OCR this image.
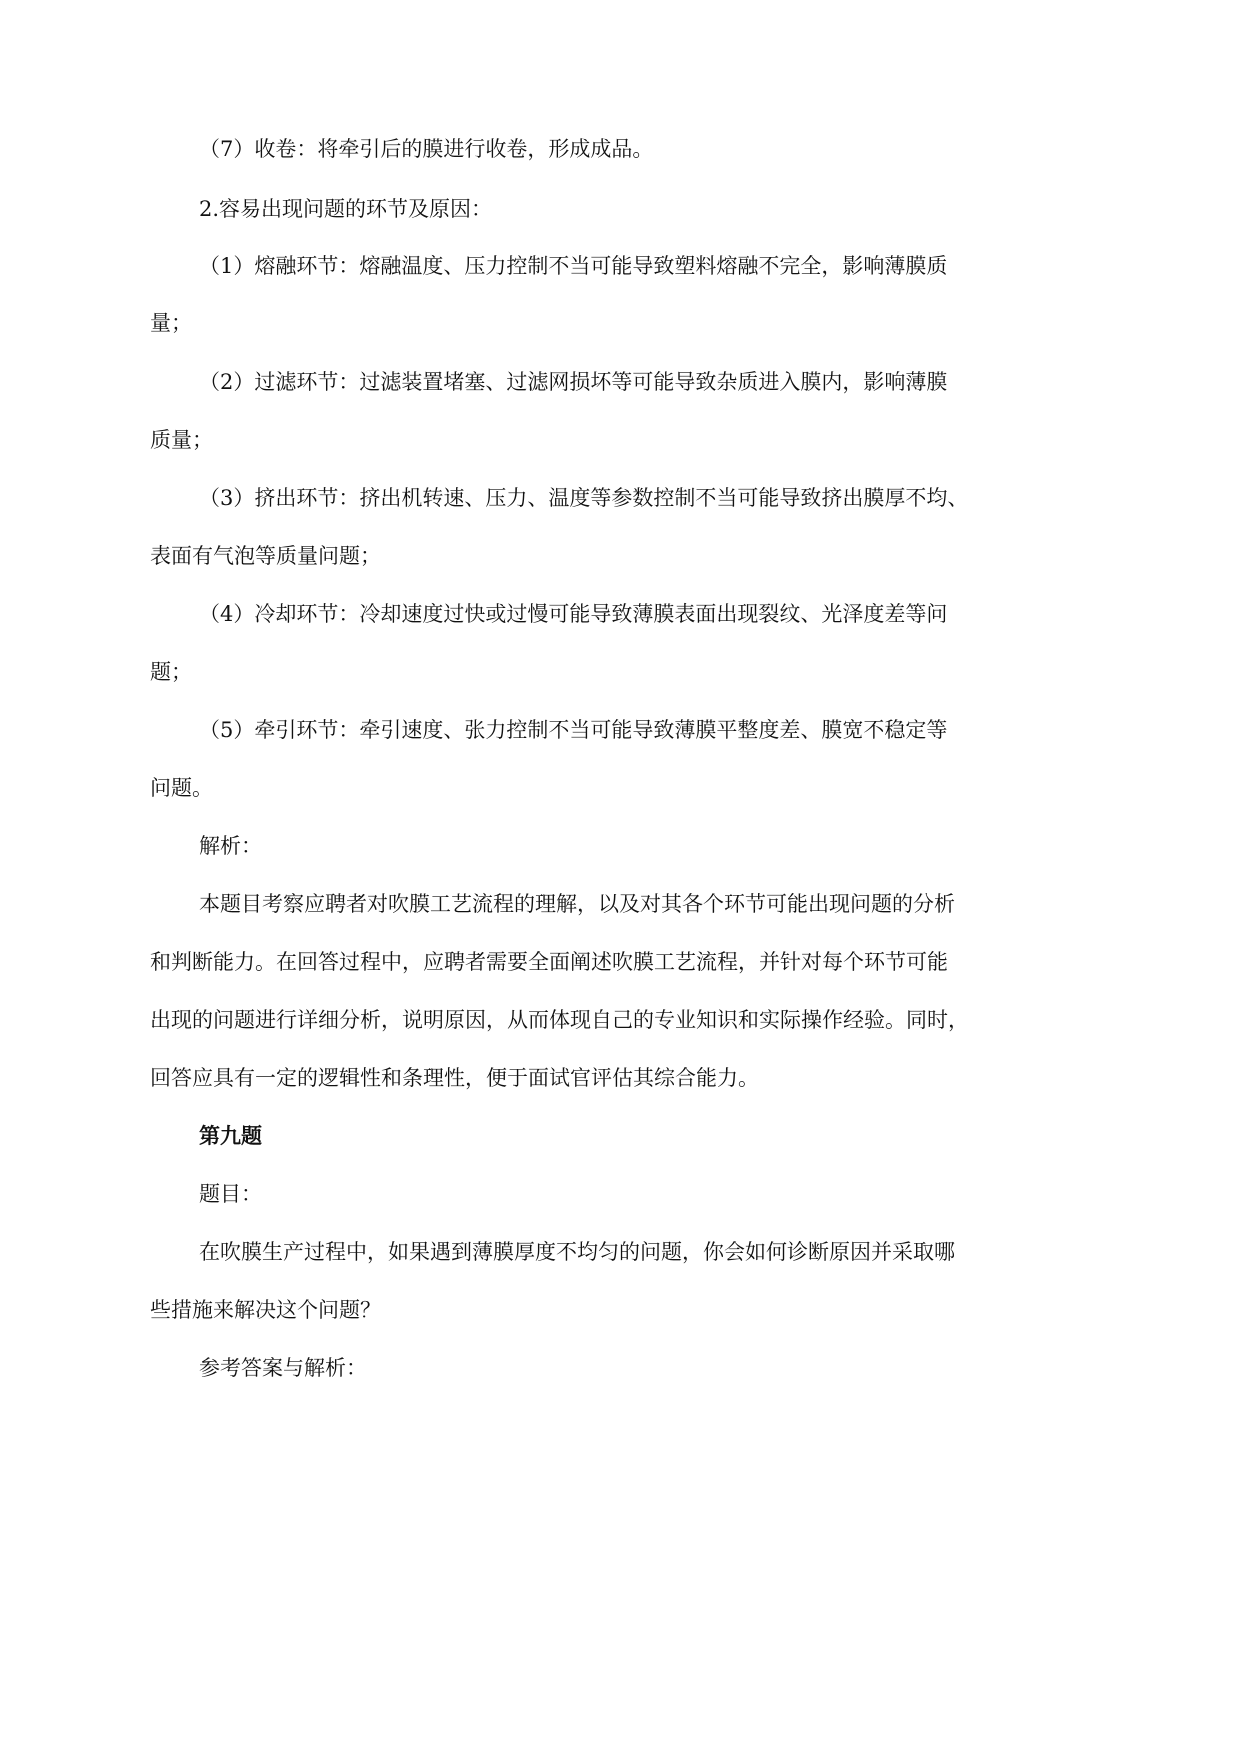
（7）收卷：将牵引后的膜进行收卷，形成成品。

2.容易出现问题的环节及原因：

（1）熔融环节：熔融温度、压力控制不当可能导致塑料熔融不完全，影响薄膜质

量；

（2）过滤环节：过滤装置堵塞、过滤网损坏等可能导致杂质进入膜内，影响薄膜

质量；

（3）挤出环节：挤出机转速、压力、温度等参数控制不当可能导致挤出膜厚不均、

表面有气泡等质量问题；

（4）冷却环节：冷却速度过快或过慢可能导致薄膜表面出现裂纹、光泽度差等问

题；

（5）牵引环节：牵引速度、张力控制不当可能导致薄膜平整度差、膜宽不稳定等

问题。

解析：

本题目考察应聘者对吹膜工艺流程的理解，以及对其各个环节可能出现问题的分析

和判断能力。在回答过程中，应聘者需要全面阐述吹膜工艺流程，并针对每个环节可能

出现的问题进行详细分析，说明原因，从而体现自己的专业知识和实际操作经验。同时，

回答应具有一定的逻辑性和条理性，便于面试官评估其综合能力。

第九题

题目：

在吹膜生产过程中，如果遇到薄膜厚度不均匀的问题，你会如何诊断原因并采取哪

些措施来解决这个问题？

参考答案与解析：
